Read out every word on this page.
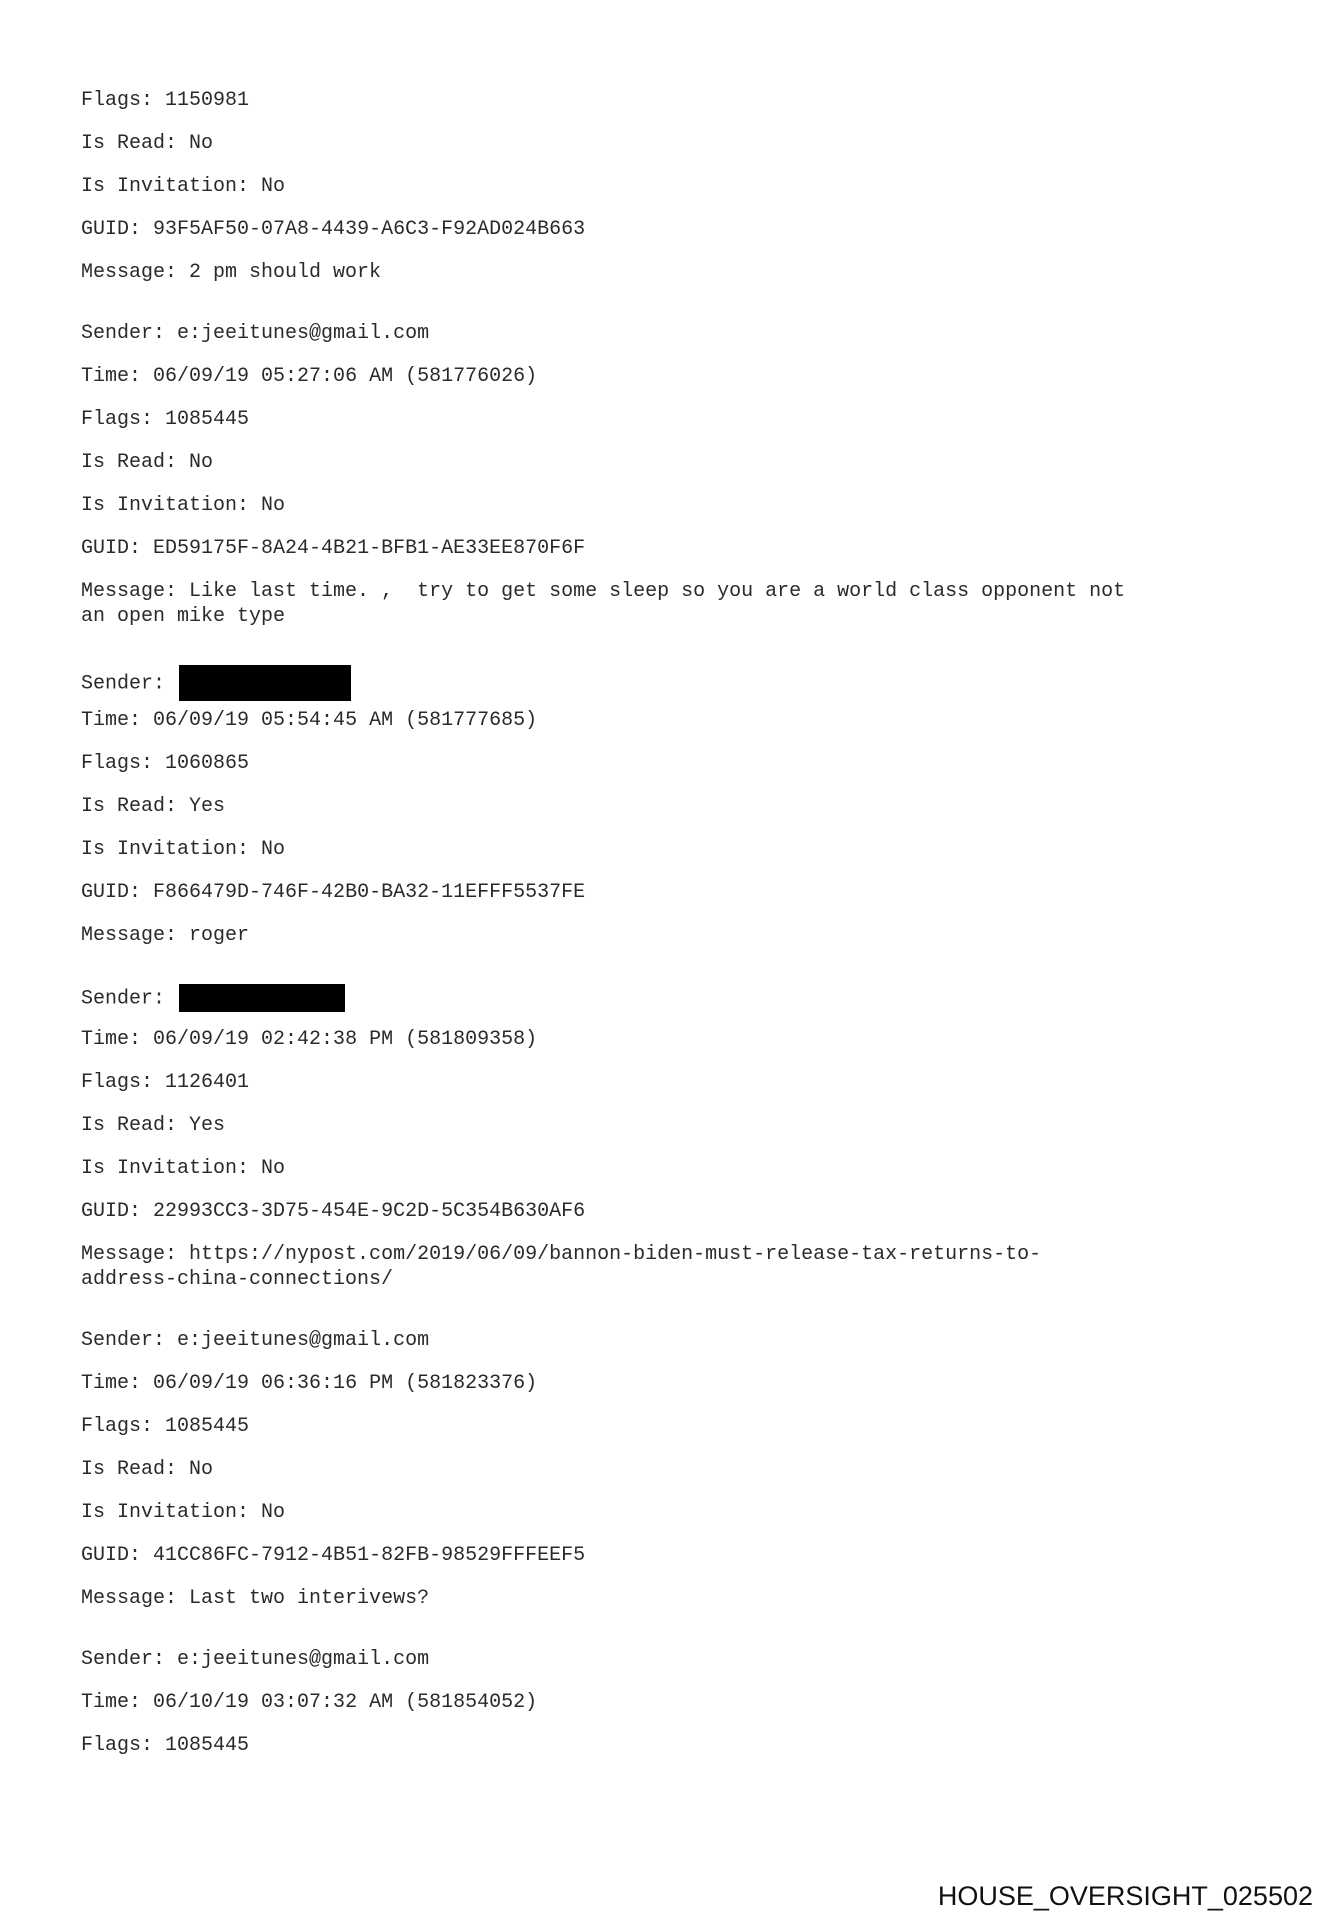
Flags: 1150981
Is Read: No
Is Invitation: No
GUID: 93F5AF50-07A8-4439-A6C3-F92AD024B663
Message: 2 pm should work
Sender: e:jeeitunes@gmail.com
Time: 06/09/19 05:27:06 AM (581776026)
Flags: 1085445
Is Read: No
Is Invitation: No
GUID: ED59175F-8A24-4B21-BFB1-AE33EE870F6F
Message: Like last time. ,  try to get some sleep so you are a world class opponent not
an open mike type
Sender:
Time: 06/09/19 05:54:45 AM (581777685)
Flags: 1060865
Is Read: Yes
Is Invitation: No
GUID: F866479D-746F-42B0-BA32-11EFFF5537FE
Message: roger
Sender:
Time: 06/09/19 02:42:38 PM (581809358)
Flags: 1126401
Is Read: Yes
Is Invitation: No
GUID: 22993CC3-3D75-454E-9C2D-5C354B630AF6
Message: https://nypost.com/2019/06/09/bannon-biden-must-release-tax-returns-to-
address-china-connections/
Sender: e:jeeitunes@gmail.com
Time: 06/09/19 06:36:16 PM (581823376)
Flags: 1085445
Is Read: No
Is Invitation: No
GUID: 41CC86FC-7912-4B51-82FB-98529FFFEEF5
Message: Last two interivews?
Sender: e:jeeitunes@gmail.com
Time: 06/10/19 03:07:32 AM (581854052)
Flags: 1085445
HOUSE_OVERSIGHT_025502
